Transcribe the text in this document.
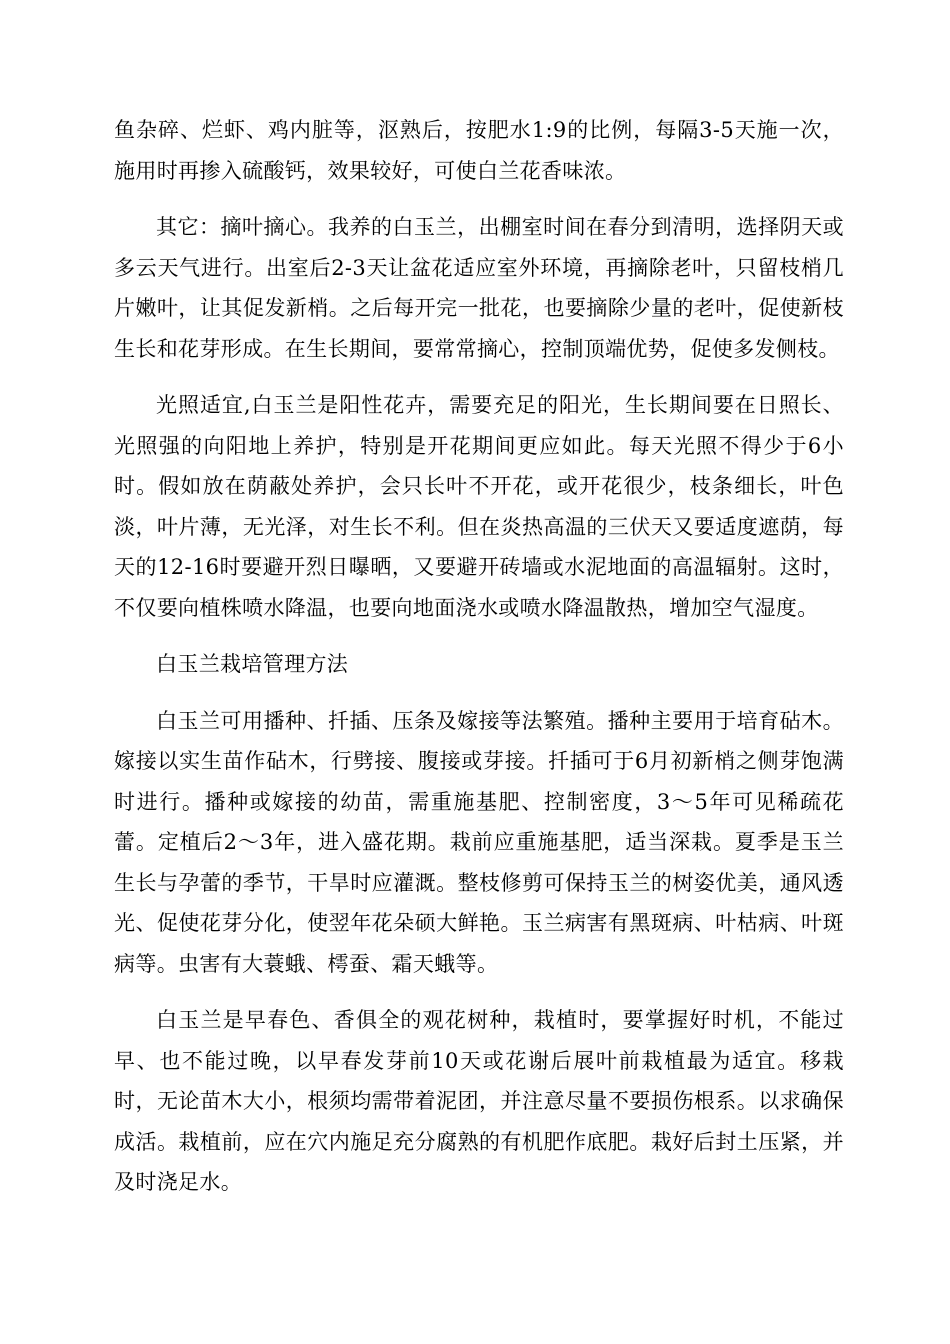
鱼杂碎、烂虾、鸡内脏等，沤熟后，按肥水1:9的比例，每隔3-5天施一次，施用时再掺入硫酸钙，效果较好，可使白兰花香味浓。

其它：摘叶摘心。我养的白玉兰，出棚室时间在春分到清明，选择阴天或多云天气进行。出室后2-3天让盆花适应室外环境，再摘除老叶，只留枝梢几片嫩叶，让其促发新梢。之后每开完一批花，也要摘除少量的老叶，促使新枝生长和花芽形成。在生长期间，要常常摘心，控制顶端优势，促使多发侧枝。

光照适宜,白玉兰是阳性花卉，需要充足的阳光，生长期间要在日照长、光照强的向阳地上养护，特别是开花期间更应如此。每天光照不得少于6小时。假如放在荫蔽处养护，会只长叶不开花，或开花很少，枝条细长，叶色淡，叶片薄，无光泽，对生长不利。但在炎热高温的三伏天又要适度遮荫，每天的12-16时要避开烈日曝晒，又要避开砖墙或水泥地面的高温辐射。这时，不仅要向植株喷水降温，也要向地面浇水或喷水降温散热，增加空气湿度。

白玉兰栽培管理方法

白玉兰可用播种、扦插、压条及嫁接等法繁殖。播种主要用于培育砧木。嫁接以实生苗作砧木，行劈接、腹接或芽接。扦插可于6月初新梢之侧芽饱满时进行。播种或嫁接的幼苗，需重施基肥、控制密度，3～5年可见稀疏花蕾。定植后2～3年，进入盛花期。栽前应重施基肥，适当深栽。夏季是玉兰生长与孕蕾的季节，干旱时应灌溉。整枝修剪可保持玉兰的树姿优美，通风透光、促使花芽分化，使翌年花朵硕大鲜艳。玉兰病害有黑斑病、叶枯病、叶斑病等。虫害有大蓑蛾、樗蚕、霜天蛾等。

白玉兰是早春色、香俱全的观花树种，栽植时，要掌握好时机，不能过早、也不能过晚，以早春发芽前10天或花谢后展叶前栽植最为适宜。移栽时，无论苗木大小，根须均需带着泥团，并注意尽量不要损伤根系。以求确保成活。栽植前，应在穴内施足充分腐熟的有机肥作底肥。栽好后封土压紧，并及时浇足水。
